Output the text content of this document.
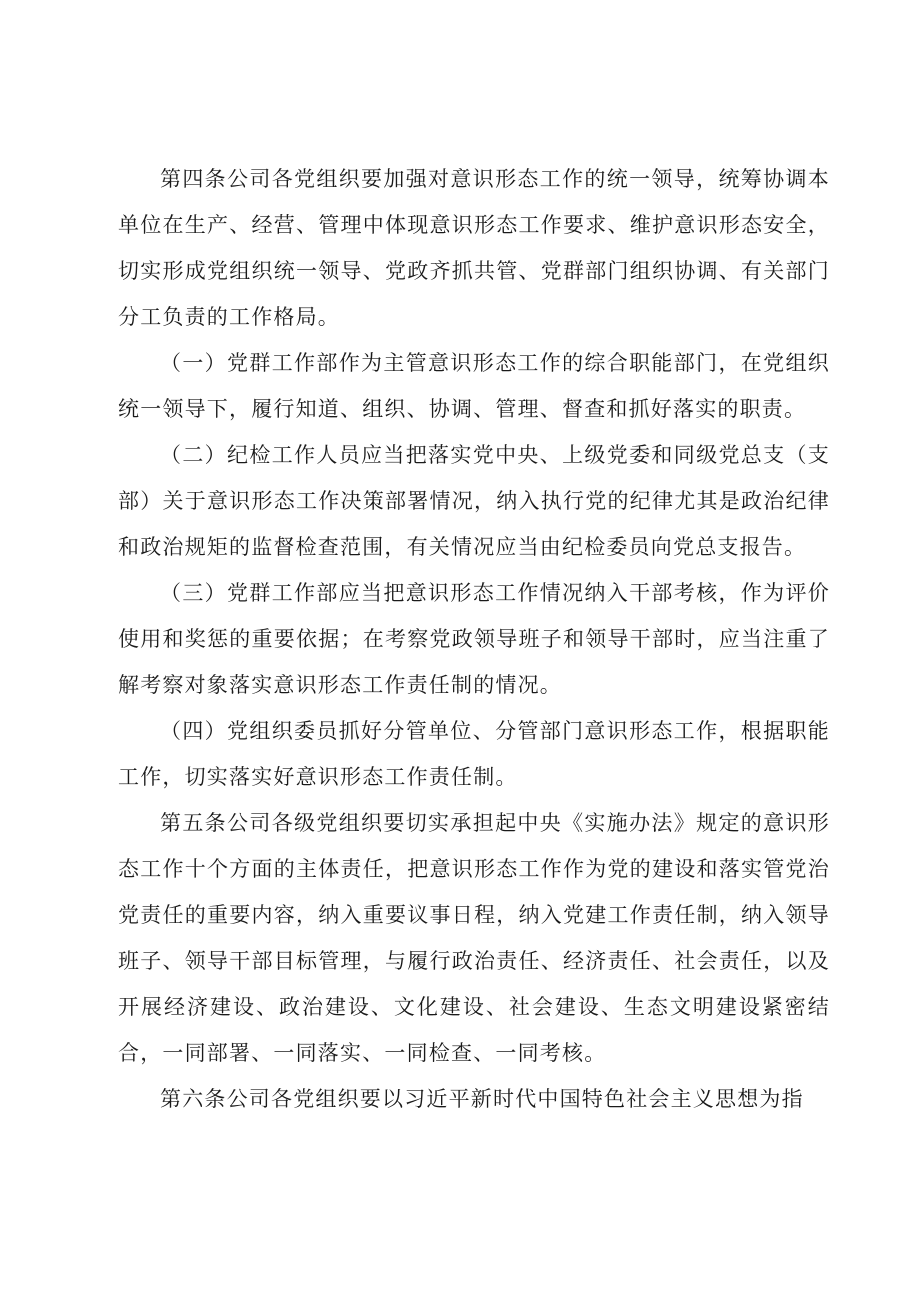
第四条公司各党组织要加强对意识形态工作的统一领导，统筹协调本单位在生产、经营、管理中体现意识形态工作要求、维护意识形态安全，切实形成党组织统一领导、党政齐抓共管、党群部门组织协调、有关部门分工负责的工作格局。

（一）党群工作部作为主管意识形态工作的综合职能部门，在党组织统一领导下，履行知道、组织、协调、管理、督查和抓好落实的职责。

（二）纪检工作人员应当把落实党中央、上级党委和同级党总支（支部）关于意识形态工作决策部署情况，纳入执行党的纪律尤其是政治纪律和政治规矩的监督检查范围，有关情况应当由纪检委员向党总支报告。

（三）党群工作部应当把意识形态工作情况纳入干部考核，作为评价使用和奖惩的重要依据；在考察党政领导班子和领导干部时，应当注重了解考察对象落实意识形态工作责任制的情况。

（四）党组织委员抓好分管单位、分管部门意识形态工作，根据职能工作，切实落实好意识形态工作责任制。

第五条公司各级党组织要切实承担起中央《实施办法》规定的意识形态工作十个方面的主体责任，把意识形态工作作为党的建设和落实管党治党责任的重要内容，纳入重要议事日程，纳入党建工作责任制，纳入领导班子、领导干部目标管理，与履行政治责任、经济责任、社会责任，以及开展经济建设、政治建设、文化建设、社会建设、生态文明建设紧密结合，一同部署、一同落实、一同检查、一同考核。

第六条公司各党组织要以习近平新时代中国特色社会主义思想为指
